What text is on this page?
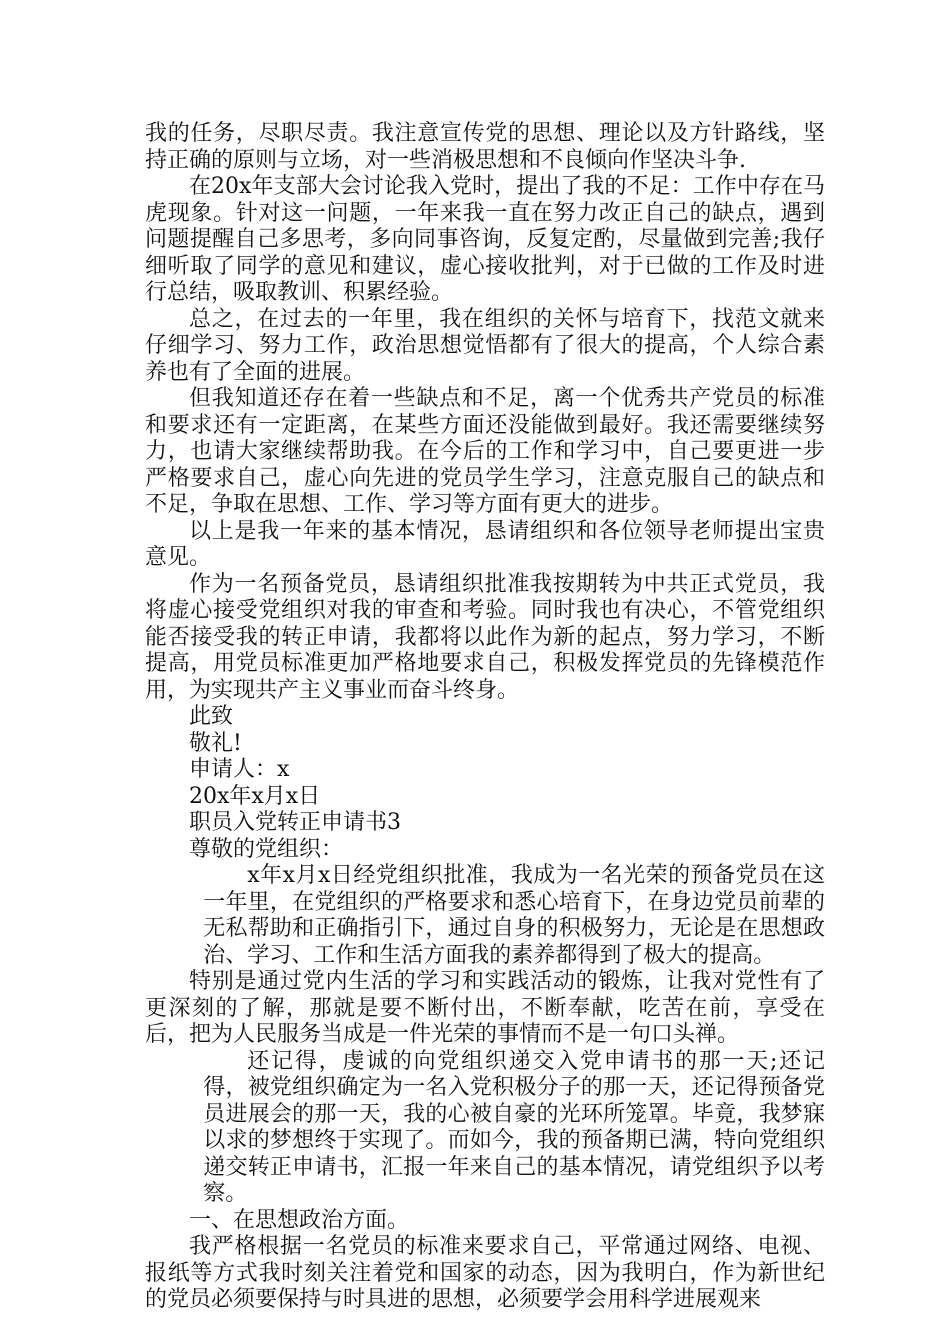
我的任务，尽职尽责。我注意宣传党的思想、理论以及方针路线，坚持正确的原则与立场，对一些消极思想和不良倾向作坚决斗争.

在20x年支部大会讨论我入党时，提出了我的不足：工作中存在马虎现象。针对这一问题，一年来我一直在努力改正自己的缺点，遇到问题提醒自己多思考，多向同事咨询，反复定酌，尽量做到完善;我仔细听取了同学的意见和建议，虚心接收批判，对于已做的工作及时进行总结，吸取教训、积累经验。

总之，在过去的一年里，我在组织的关怀与培育下，找范文就来仔细学习、努力工作，政治思想觉悟都有了很大的提高，个人综合素养也有了全面的进展。

但我知道还存在着一些缺点和不足，离一个优秀共产党员的标准和要求还有一定距离，在某些方面还没能做到最好。我还需要继续努力，也请大家继续帮助我。在今后的工作和学习中，自己要更进一步严格要求自己，虚心向先进的党员学生学习，注意克服自己的缺点和不足，争取在思想、工作、学习等方面有更大的进步。

以上是我一年来的基本情况，恳请组织和各位领导老师提出宝贵意见。

作为一名预备党员，恳请组织批准我按期转为中共正式党员，我将虚心接受党组织对我的审查和考验。同时我也有决心，不管党组织能否接受我的转正申请，我都将以此作为新的起点，努力学习，不断提高，用党员标准更加严格地要求自己，积极发挥党员的先锋模范作用，为实现共产主义事业而奋斗终身。

此致

敬礼!

申请人：x

20x年x月x日

职员入党转正申请书3

尊敬的党组织：

x年x月x日经党组织批准，我成为一名光荣的预备党员在这一年里，在党组织的严格要求和悉心培育下，在身边党员前辈的无私帮助和正确指引下，通过自身的积极努力，无论是在思想政治、学习、工作和生活方面我的素养都得到了极大的提高。

特别是通过党内生活的学习和实践活动的锻炼，让我对党性有了更深刻的了解，那就是要不断付出，不断奉献，吃苦在前，享受在后，把为人民服务当成是一件光荣的事情而不是一句口头禅。

还记得，虔诚的向党组织递交入党申请书的那一天;还记得，被党组织确定为一名入党积极分子的那一天，还记得预备党员进展会的那一天，我的心被自豪的光环所笼罩。毕竟，我梦寐以求的梦想终于实现了。而如今，我的预备期已满，特向党组织递交转正申请书，汇报一年来自己的基本情况，请党组织予以考察。

一、在思想政治方面。

我严格根据一名党员的标准来要求自己，平常通过网络、电视、报纸等方式我时刻关注着党和国家的动态，因为我明白，作为新世纪的党员必须要保持与时具进的思想，必须要学会用科学进展观来
